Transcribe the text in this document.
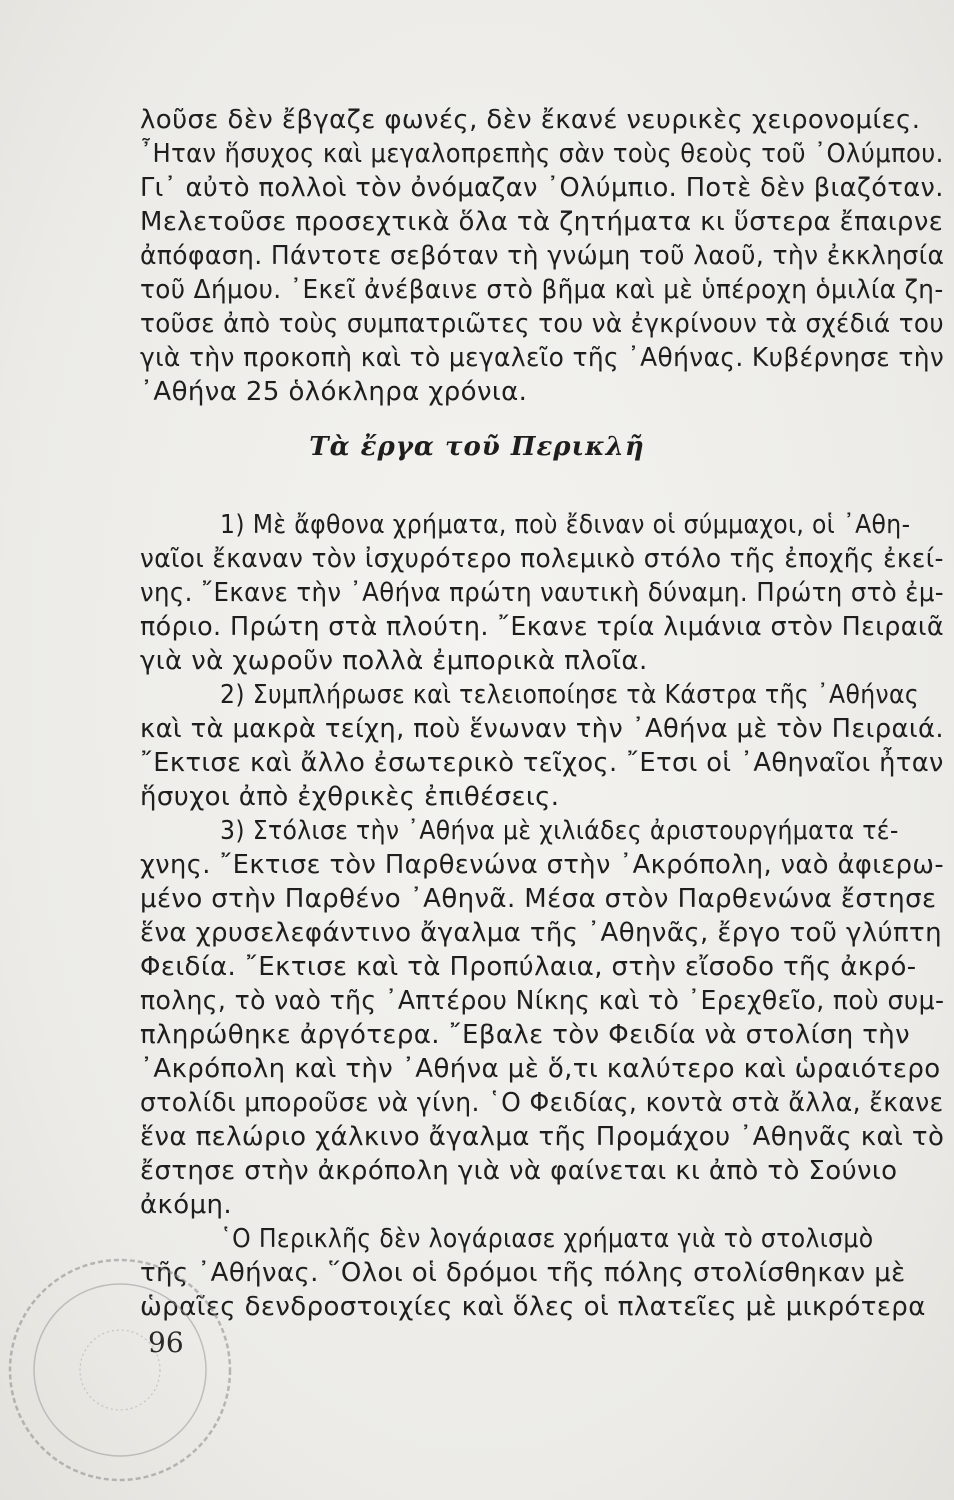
λοῦσε δὲν ἔβγαζε φωνές, δὲν ἔκανέ νευρικὲς χειρονομίες.
῏Ηταν ἥσυχος καὶ μεγαλοπρεπὴς σὰν τοὺς θεοὺς τοῦ ᾿Ολύμπου.
Γι᾿ αὐτὸ πολλοὶ τὸν ὀνόμαζαν ᾿Ολύμπιο. Ποτὲ δὲν βιαζόταν.
Μελετοῦσε προσεχτικὰ ὅλα τὰ ζητήματα κι ὕστερα ἔπαιρνε
ἀπόφαση. Πάντοτε σεβόταν τὴ γνώμη τοῦ λαοῦ, τὴν ἐκκλησία
τοῦ Δήμου. ᾿Εκεῖ ἀνέβαινε στὸ βῆμα καὶ μὲ ὑπέροχη ὁμιλία ζη-
τοῦσε ἀπὸ τοὺς συμπατριῶτες του νὰ ἐγκρίνουν τὰ σχέδιά του
γιὰ τὴν προκοπὴ καὶ τὸ μεγαλεῖο τῆς ᾿Αθήνας. Κυβέρνησε τὴν
᾿Αθήνα 25 ὁλόκληρα χρόνια.
Τὰ ἔργα τοῦ Περικλῆ
1) Μὲ ἄφθονα χρήματα, ποὺ ἔδιναν οἱ σύμμαχοι, οἱ ᾿Αθη-
ναῖοι ἔκαναν τὸν ἰσχυρότερο πολεμικὸ στόλο τῆς ἐποχῆς ἐκεί-
νης. ῎Εκανε τὴν ᾿Αθήνα πρώτη ναυτικὴ δύναμη. Πρώτη στὸ ἐμ-
πόριο. Πρώτη στὰ πλούτη. ῎Εκανε τρία λιμάνια στὸν Πειραιᾶ
γιὰ νὰ χωροῦν πολλὰ ἐμπορικὰ πλοῖα.
2) Συμπλήρωσε καὶ τελειοποίησε τὰ Κάστρα τῆς ᾿Αθήνας
καὶ τὰ μακρὰ τείχη, ποὺ ἕνωναν τὴν ᾿Αθήνα μὲ τὸν Πειραιά.
῎Εκτισε καὶ ἄλλο ἐσωτερικὸ τεῖχος. ῎Ετσι οἱ ᾿Αθηναῖοι ἦταν
ἥσυχοι ἀπὸ ἐχθρικὲς ἐπιθέσεις.
3) Στόλισε τὴν ᾿Αθήνα μὲ χιλιάδες ἀριστουργήματα τέ-
χνης. ῎Εκτισε τὸν Παρθενώνα στὴν ᾿Ακρόπολη, ναὸ ἀφιερω-
μένο στὴν Παρθένο ᾿Αθηνᾶ. Μέσα στὸν Παρθενώνα ἔστησε
ἕνα χρυσελεφάντινο ἄγαλμα τῆς ᾿Αθηνᾶς, ἔργο τοῦ γλύπτη
Φειδία. ῎Εκτισε καὶ τὰ Προπύλαια, στὴν εἴσοδο τῆς ἀκρό-
πολης, τὸ ναὸ τῆς ᾿Απτέρου Νίκης καὶ τὸ ᾿Ερεχθεῖο, ποὺ συμ-
πληρώθηκε ἀργότερα. ῎Εβαλε τὸν Φειδία νὰ στολίση τὴν
᾿Ακρόπολη καὶ τὴν ᾿Αθήνα μὲ ὅ,τι καλύτερο καὶ ὡραιότερο
στολίδι μποροῦσε νὰ γίνη. ῾Ο Φειδίας, κοντὰ στὰ ἄλλα, ἔκανε
ἕνα πελώριο χάλκινο ἄγαλμα τῆς Προμάχου ᾿Αθηνᾶς καὶ τὸ
ἔστησε στὴν ἀκρόπολη γιὰ νὰ φαίνεται κι ἀπὸ τὸ Σούνιο
ἀκόμη.
῾Ο Περικλῆς δὲν λογάριασε χρήματα γιὰ τὸ στολισμὸ
τῆς ᾿Αθήνας. ῞Ολοι οἱ δρόμοι τῆς πόλης στολίσθηκαν μὲ
ὡραῖες δενδροστοιχίες καὶ ὅλες οἱ πλατεῖες μὲ μικρότερα
96
